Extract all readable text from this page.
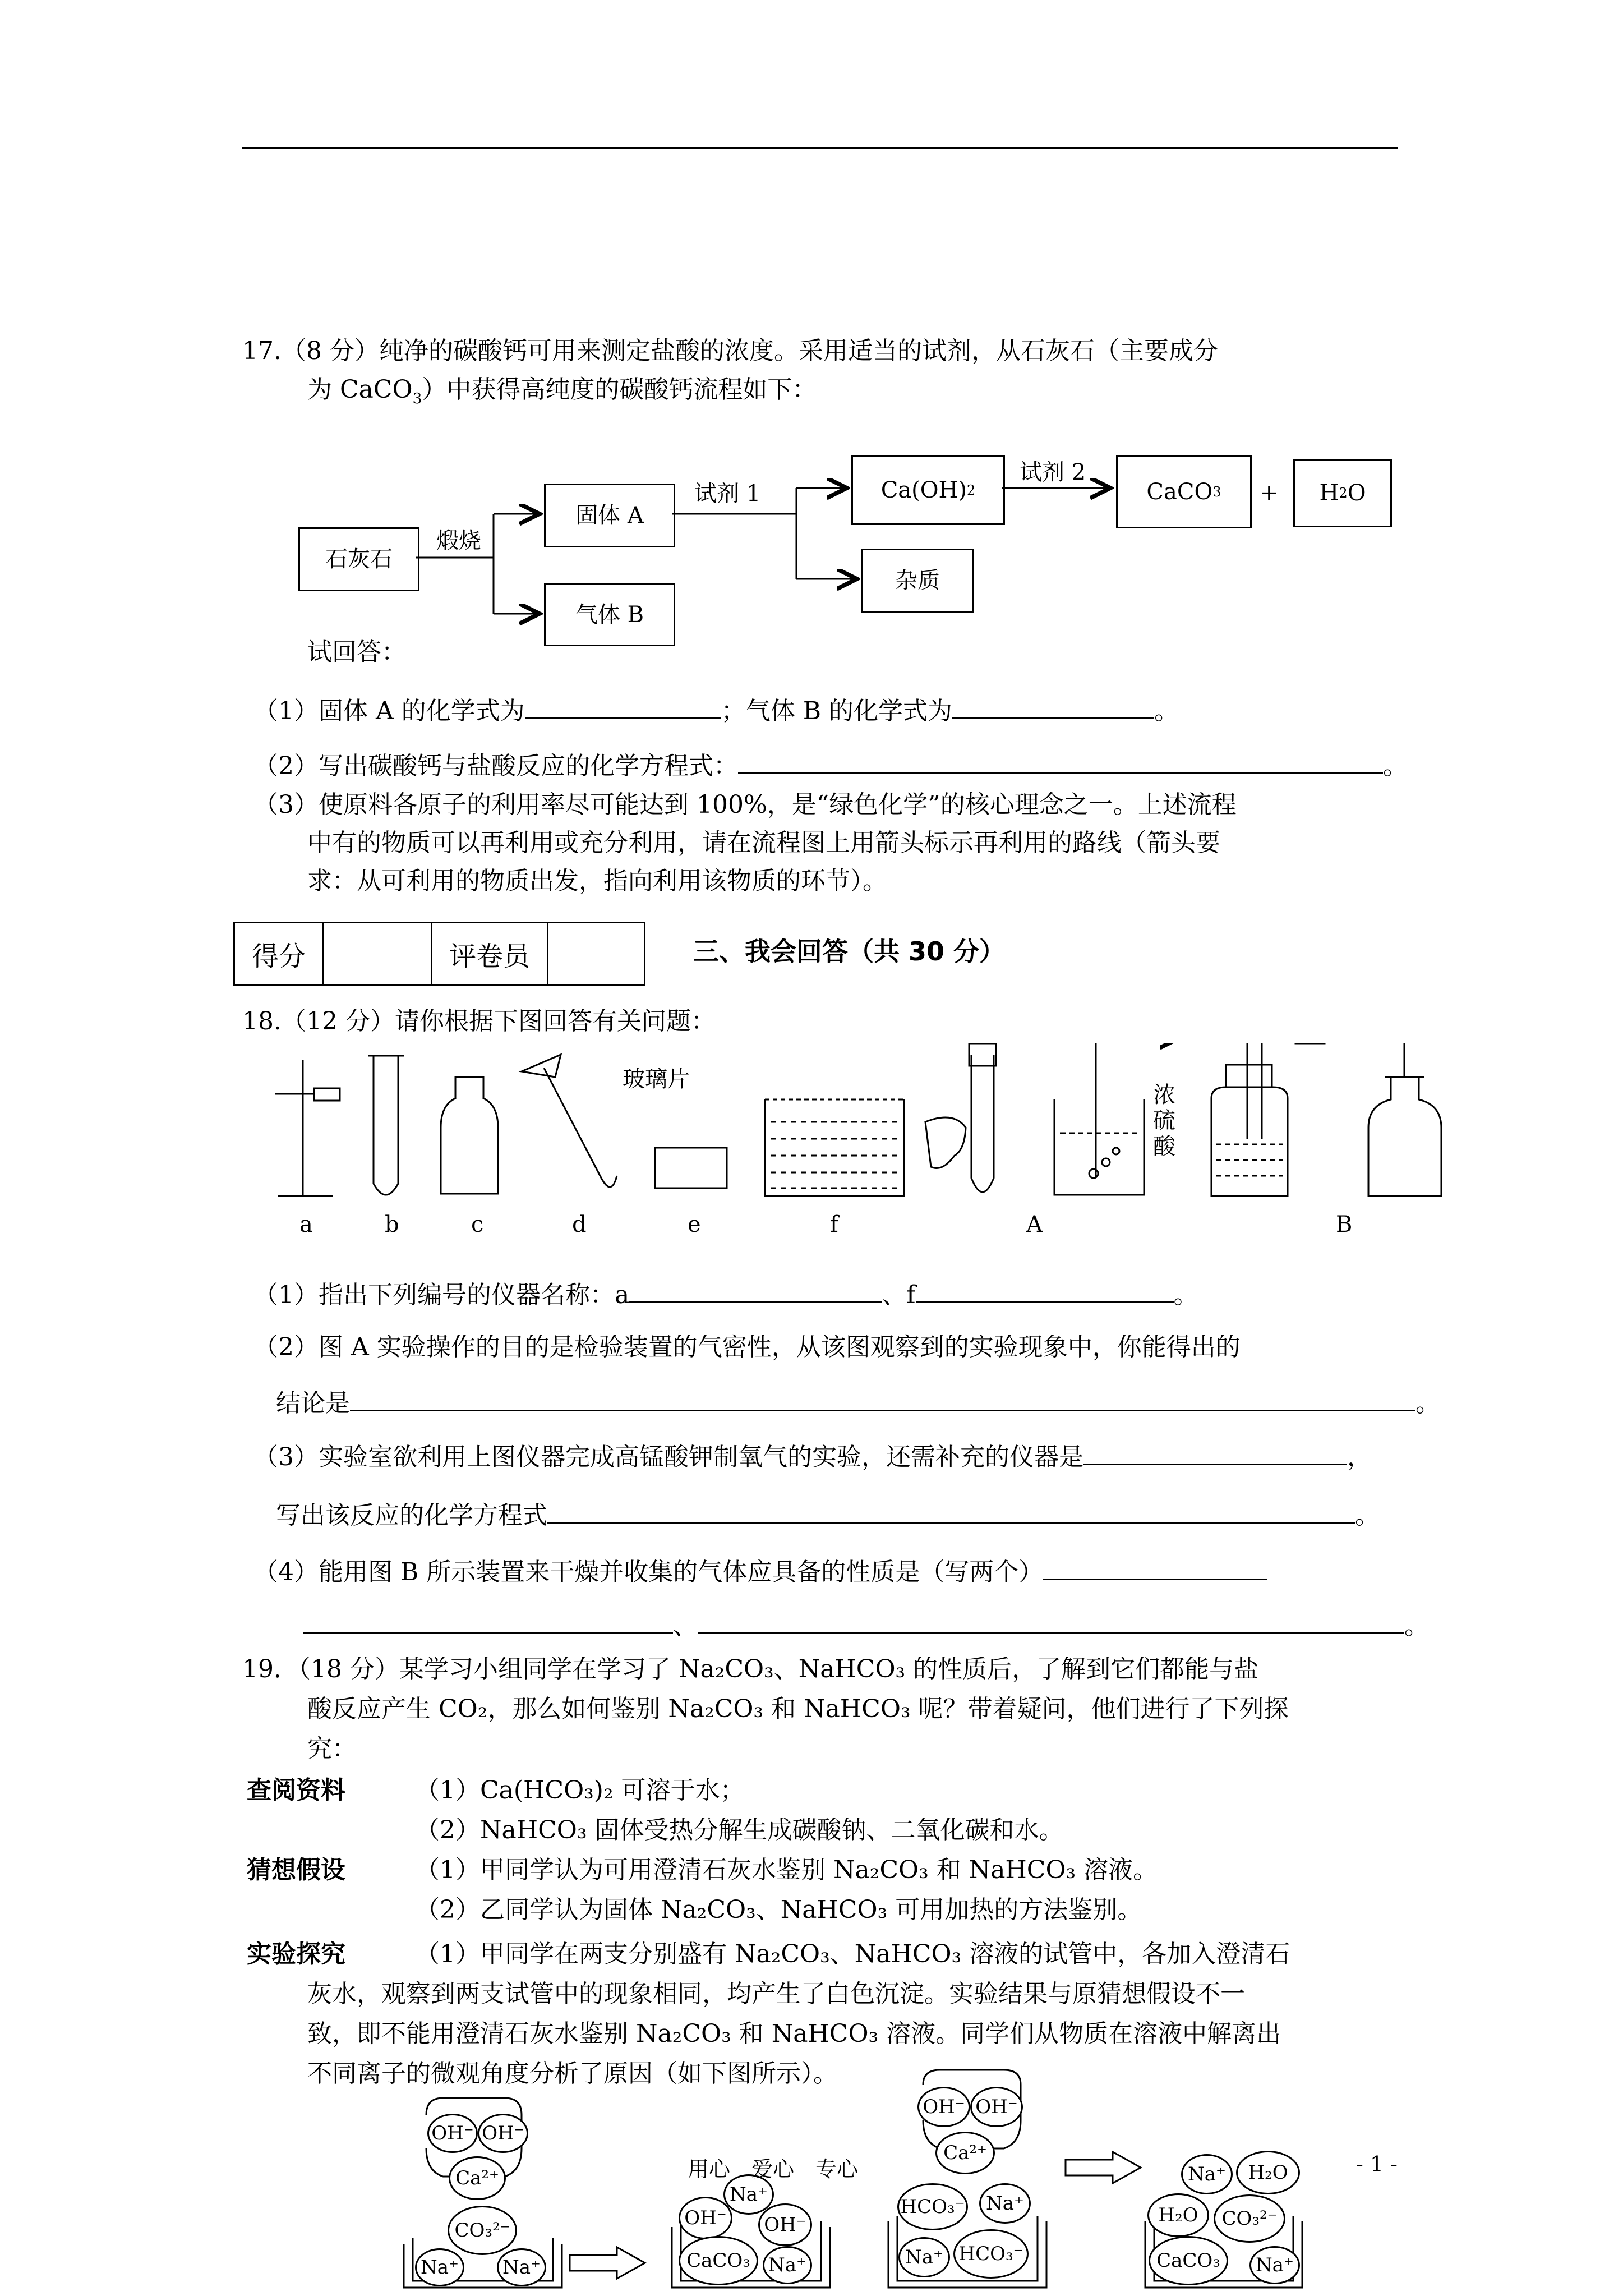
17.（8 分）纯净的碳酸钙可用来测定盐酸的浓度。采用适当的试剂，从石灰石（主要成分
为 CaCO$_3$）中获得高纯度的碳酸钙流程如下：
石灰石
固体 A
气体 B
Ca(OH) 2
杂质
CaCO 3	H 2 O
+
煅烧
试剂 1
试剂 2
试回答：
（1）固体 A 的化学式为	；气体 B 的化学式为	。
（2）写出碳酸钙与盐酸反应的化学方程式：	。
（3）使原料各原子的利用率尽可能达到 100%，是“绿色化学”的核心理念之一。上述流程
中有的物质可以再利用或充分利用，请在流程图上用箭头标示再利用的路线（箭头要
求：从可利用的物质出发，指向利用该物质的环节）。
得分		评卷员		三、我会回答（共 30 分）
18.（12 分）请你根据下图回答有关问题：
玻璃片
浓
硫
酸
a	b	c	d	e	f	A	B
（1）指出下列编号的仪器名称：a	、f	。
（2）图 A 实验操作的目的是检验装置的气密性，从该图观察到的实验现象中，你能得出的
结论是	。
（3）实验室欲利用上图仪器完成高锰酸钾制氧气的实验，还需补充的仪器是	，
写出该反应的化学方程式	。
（4）能用图 B 所示装置来干燥并收集的气体应具备的性质是（写两个）
、	。
19．（18 分）某学习小组同学在学习了 Na₂CO₃、NaHCO₃ 的性质后，了解到它们都能与盐
酸反应产生 CO₂，那么如何鉴别 Na₂CO₃ 和 NaHCO₃ 呢？带着疑问，他们进行了下列探
究：
查阅资料	（1）Ca(HCO₃)₂ 可溶于水；
（2）NaHCO₃ 固体受热分解生成碳酸钠、二氧化碳和水。
猜想假设	（1）甲同学认为可用澄清石灰水鉴别 Na₂CO₃ 和 NaHCO₃ 溶液。
（2）乙同学认为固体 Na₂CO₃、NaHCO₃ 可用加热的方法鉴别。
实验探究	（1）甲同学在两支分别盛有 Na₂CO₃、NaHCO₃ 溶液的试管中，各加入澄清石
灰水，观察到两支试管中的现象相同，均产生了白色沉淀。实验结果与原猜想假设不一
致，即不能用澄清石灰水鉴别 Na₂CO₃ 和 NaHCO₃ 溶液。同学们从物质在溶液中解离出
不同离子的微观角度分析了原因（如下图所示）。
OH⁻ OH⁻
Ca²⁺
CO₃²⁻
Na⁺ Na⁺
Na⁺
OH⁻	OH⁻
CaCO₃ Na⁺
OH⁻ OH⁻
Ca²⁺
HCO₃⁻	Na⁺
Na⁺ HCO₃⁻
Na⁺	H₂O
H₂O	CO₃²⁻
CaCO₃	Na⁺
用心　爱心　专心	- 1 -
